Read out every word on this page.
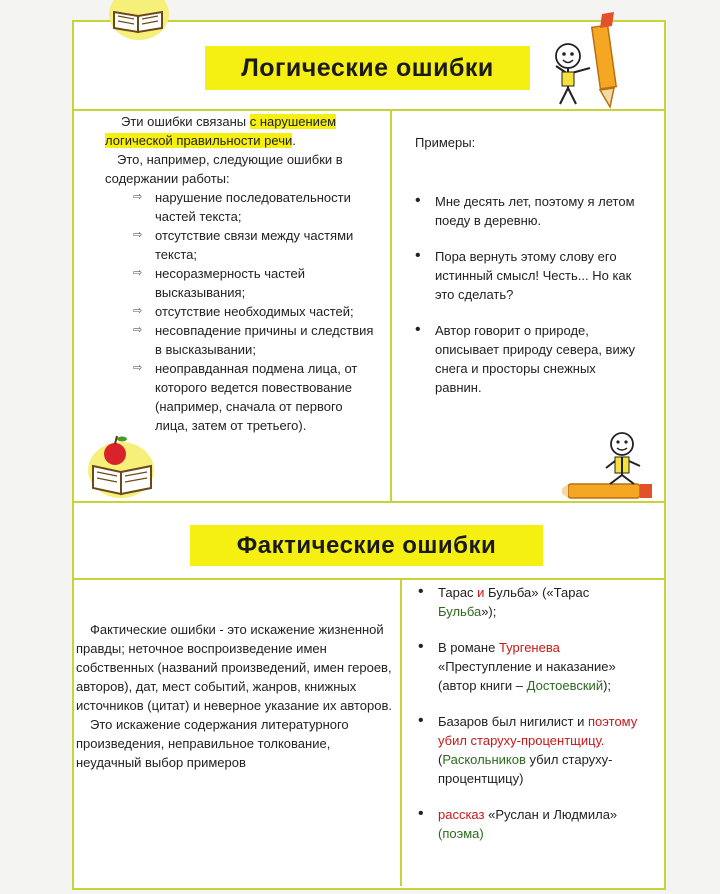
Логические ошибки
Фактические ошибки

Эти ошибки связаны с нарушением логической правильности речи.

Это, например, следующие ошибки в содержании работы:

⇨ нарушение последовательности частей текста;
⇨ отсутствие связи между частями текста;
⇨ несоразмерность частей высказывания;
⇨ отсутствие необходимых частей;
⇨ несовпадение причины и следствия в высказывании;
⇨ неоправданная подмена лица, от которого ведется повествование (например, сначала от первого лица, затем от третьего).

Примеры:

•	Мне десять лет, поэтому я летом поеду в деревню.
•	Пора вернуть этому слову его истинный смысл! Честь... Но как это сделать?
•	Автор говорит о природе, описывает природу севера, вижу снега и просторы снежных равнин.

Фактические ошибки - это искажение жизненной правды; неточное воспроизведение имен собственных (названий произведений, имен героев, авторов), дат, мест событий, жанров, книжных источников (цитат) и неверное указание их авторов.

Это искажение содержания литературного произведения, неправильное толкование, неудачный выбор примеров

•	Тарас и Бульба» («Тарас Бульба»);
•	В романе Тургенева «Преступление и наказание» (автор книги – Достоевский);
•	Базаров был нигилист и поэтому убил старуху-процентщицу. (Раскольников убил старуху-процентщицу)
•	рассказ «Руслан и Людмила» (поэма)
